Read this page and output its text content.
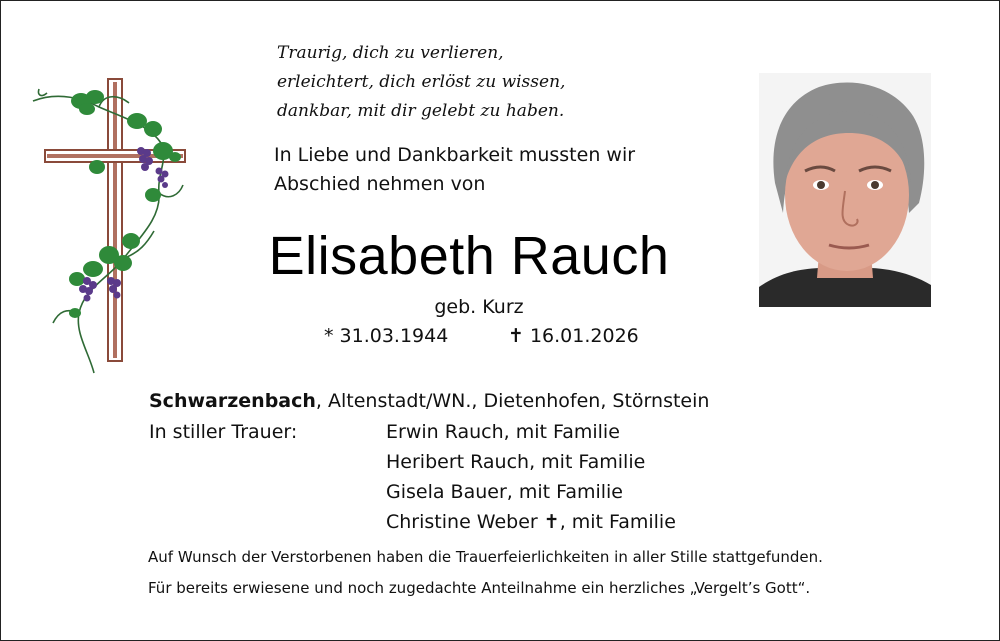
Traurig, dich zu verlieren,
erleichtert, dich erlöst zu wissen,
dankbar, mit dir gelebt zu haben.
In Liebe und Dankbarkeit mussten wir
Abschied nehmen von
Elisabeth Rauch
geb. Kurz
* 31.03.1944	✝ 16.01.2026
Schwarzenbach, Altenstadt/WN., Dietenhofen, Störnstein
In stiller Trauer:	Erwin Rauch, mit Familie
Heribert Rauch, mit Familie
Gisela Bauer, mit Familie
Christine Weber ✝, mit Familie
Auf Wunsch der Verstorbenen haben die Trauerfeierlichkeiten in aller Stille stattgefunden.
Für bereits erwiesene und noch zugedachte Anteilnahme ein herzliches „Vergelt’s Gott“.
